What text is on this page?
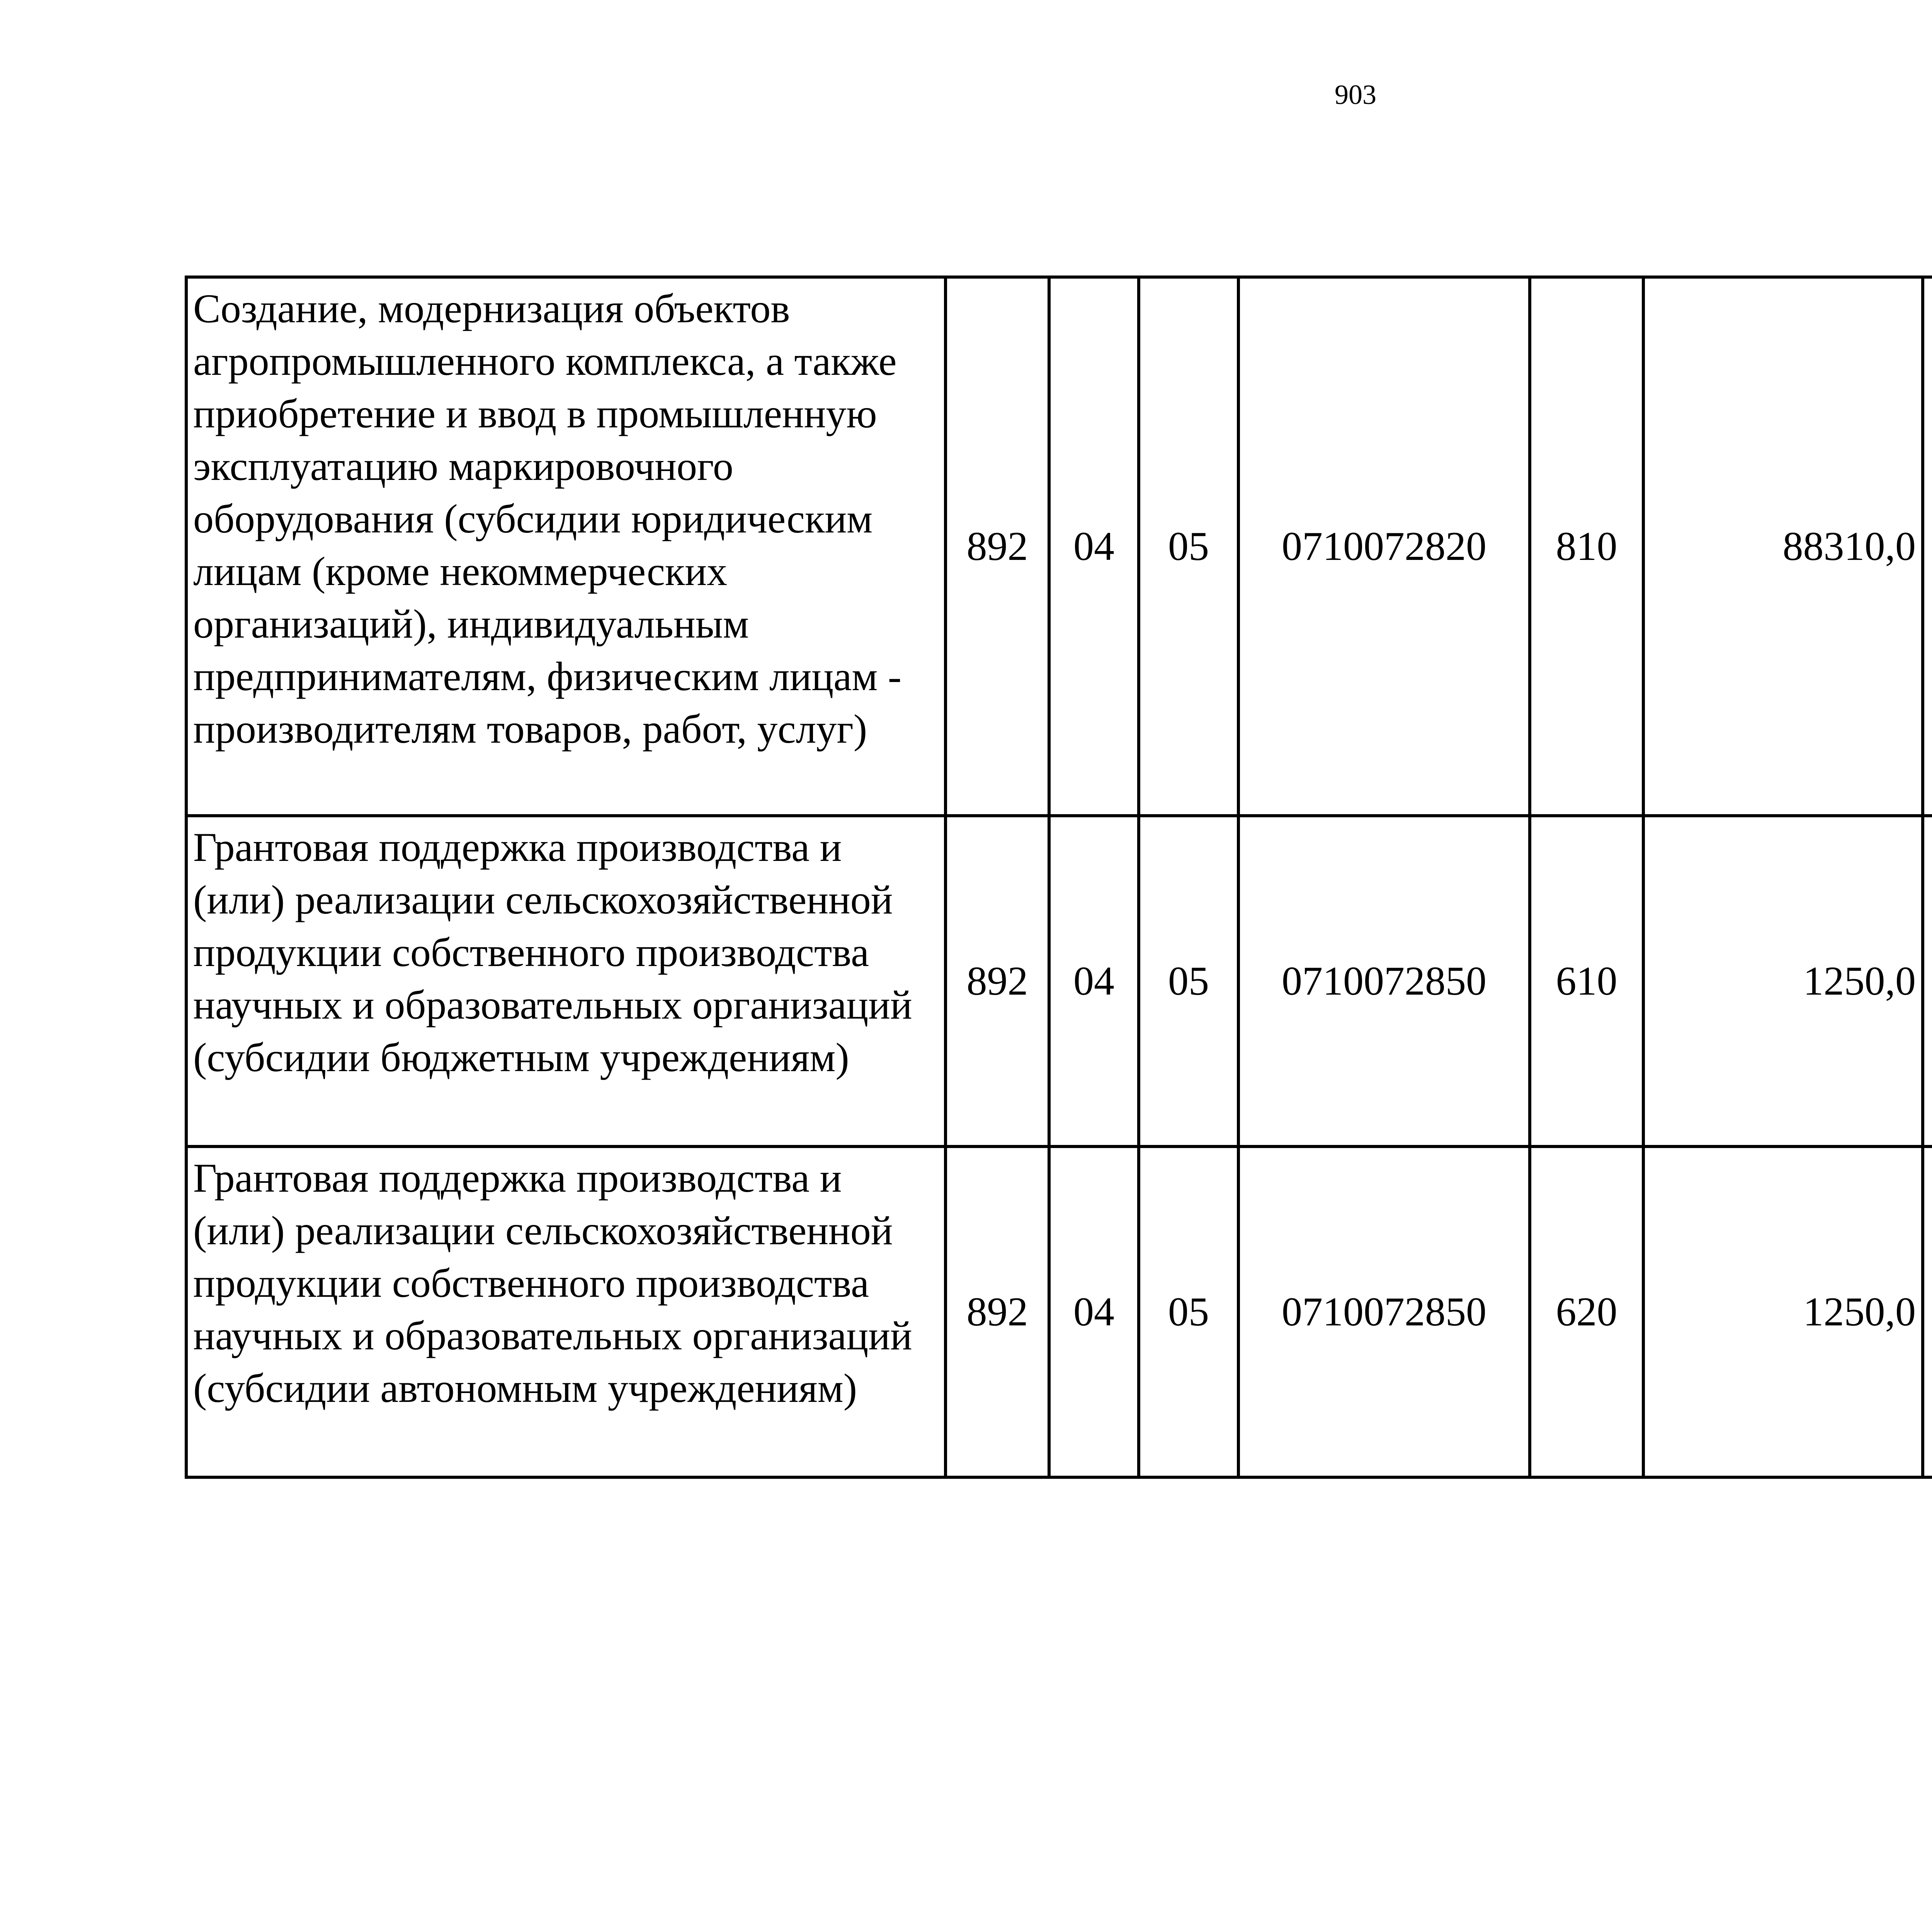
903
Создание, модернизация объектов агропромышленного комплекса, а также приобретение и ввод в промышленную эксплуатацию маркировочного оборудования (субсидии юридическим лицам (кроме некоммерческих организаций), индивидуальным предпринимателям, физическим лицам - производителям товаров, работ, услуг)	892	04	05	0710072820	810	88310,0		
Грантовая поддержка производства и (или) реализации сельскохозяйственной продукции собственного производства научных и образовательных организаций (субсидии бюджетным учреждениям)	892	04	05	0710072850	610	1250,0		
Грантовая поддержка производства и (или) реализации сельскохозяйственной продукции собственного производства научных и образовательных организаций (субсидии автономным учреждениям)	892	04	05	0710072850	620	1250,0		
